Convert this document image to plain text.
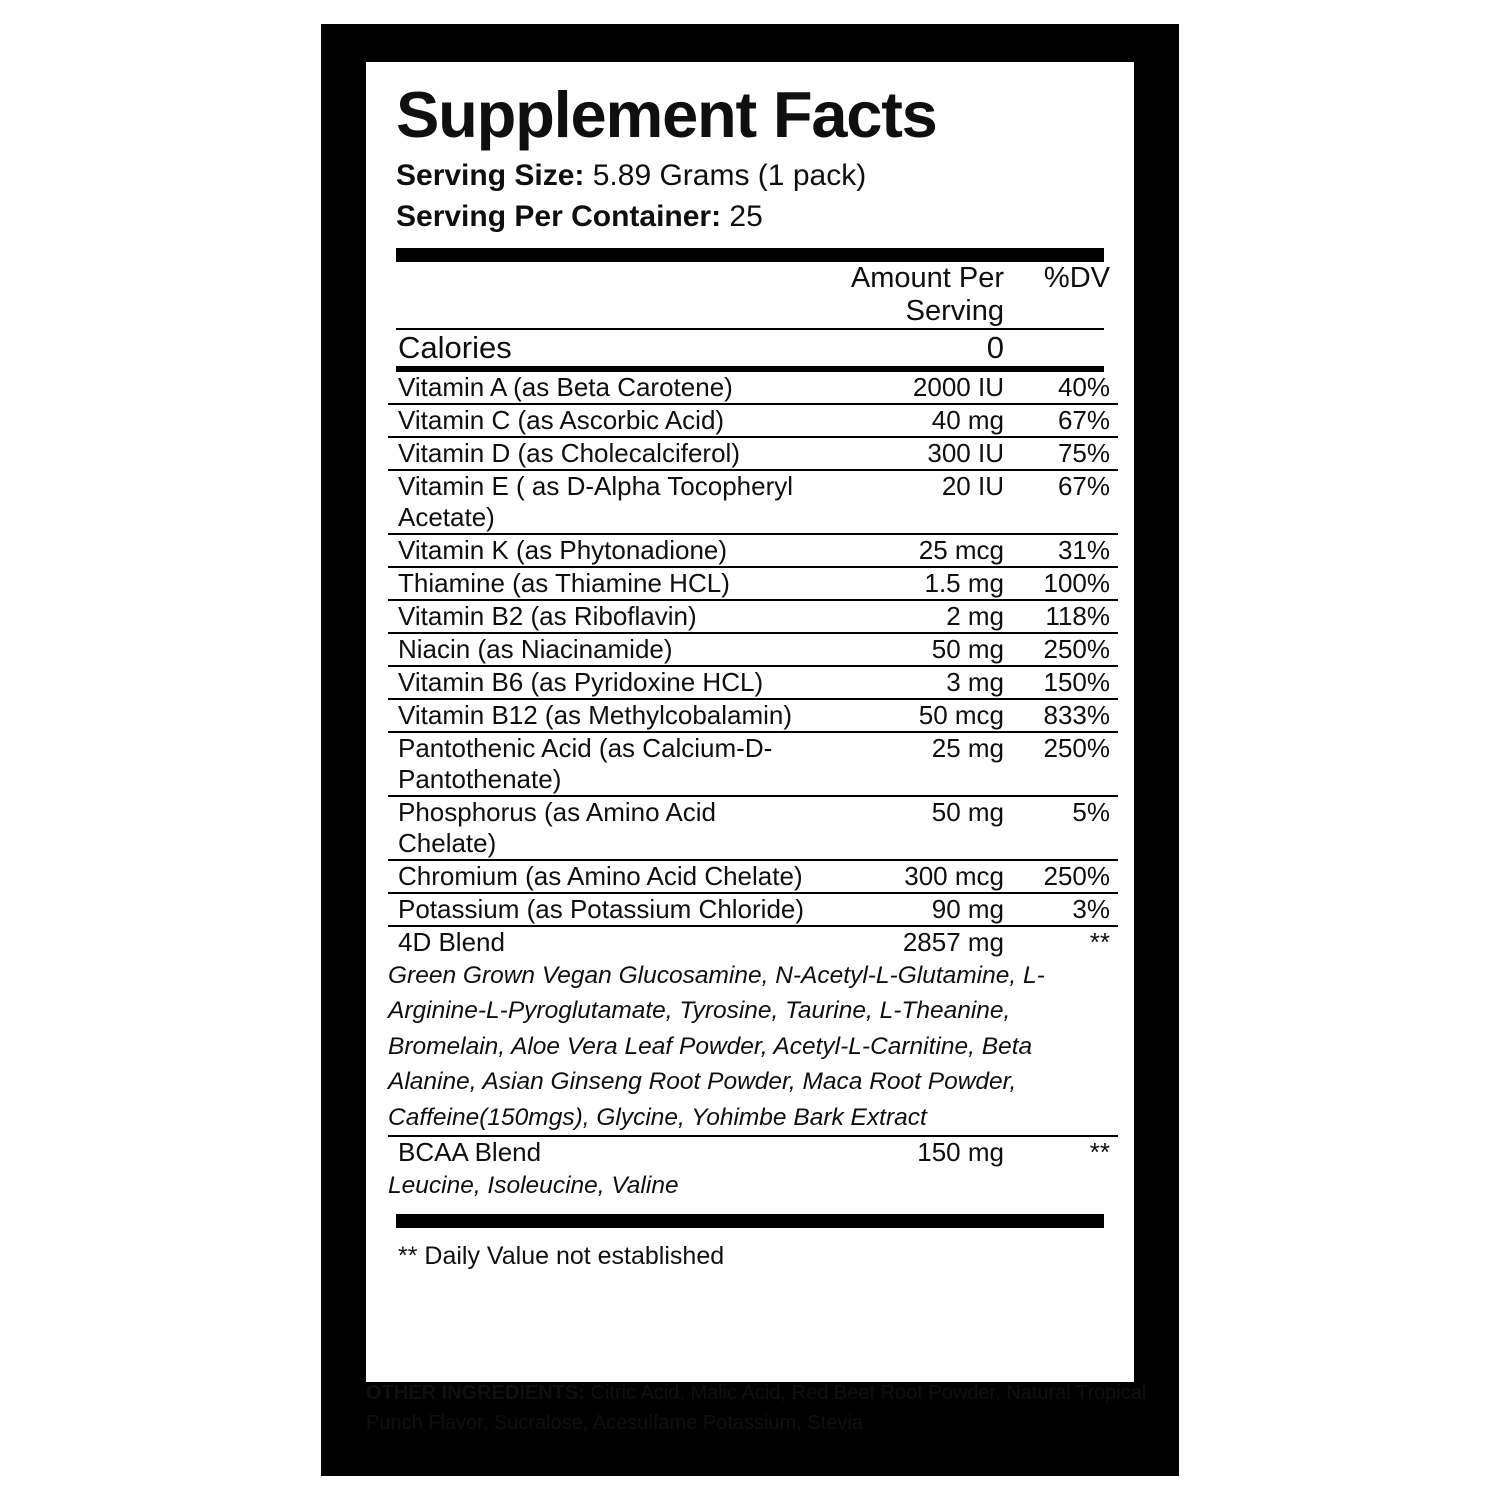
Supplement Facts
Serving Size: 5.89 Grams (1 pack)
Serving Per Container: 25
	Amount Per Serving	%DV
Calories	0	
Vitamin A (as Beta Carotene)	2000 IU	40%
Vitamin C (as Ascorbic Acid)	40 mg	67%
Vitamin D (as Cholecalciferol)	300 IU	75%
Vitamin E ( as D-Alpha Tocopheryl Acetate)	20 IU	67%
Vitamin K (as Phytonadione)	25 mcg	31%
Thiamine (as Thiamine HCL)	1.5 mg	100%
Vitamin B2 (as Riboflavin)	2 mg	118%
Niacin (as Niacinamide)	50 mg	250%
Vitamin B6 (as Pyridoxine HCL)	3 mg	150%
Vitamin B12 (as Methylcobalamin)	50 mcg	833%
Pantothenic Acid (as Calcium-D-Pantothenate)	25 mg	250%
Phosphorus (as Amino Acid Chelate)	50 mg	5%
Chromium (as Amino Acid Chelate)	300 mcg	250%
Potassium (as Potassium Chloride)	90 mg	3%
4D Blend	2857 mg	**
Green Grown Vegan Glucosamine, N-Acetyl-L-Glutamine, L-Arginine-L-Pyroglutamate, Tyrosine, Taurine, L-Theanine, Bromelain, Aloe Vera Leaf Powder, Acetyl-L-Carnitine, Beta Alanine, Asian Ginseng Root Powder, Maca Root Powder, Caffeine(150mgs), Glycine, Yohimbe Bark Extract		
BCAA Blend	150 mg	**
Leucine, Isoleucine, Valine		
** Daily Value not established
OTHER INGREDIENTS: Citric Acid, Malic Acid, Red Beet Root Powder, Natural Tropical Punch Flavor, Sucralose, Acesulfame Potassium, Stevia
